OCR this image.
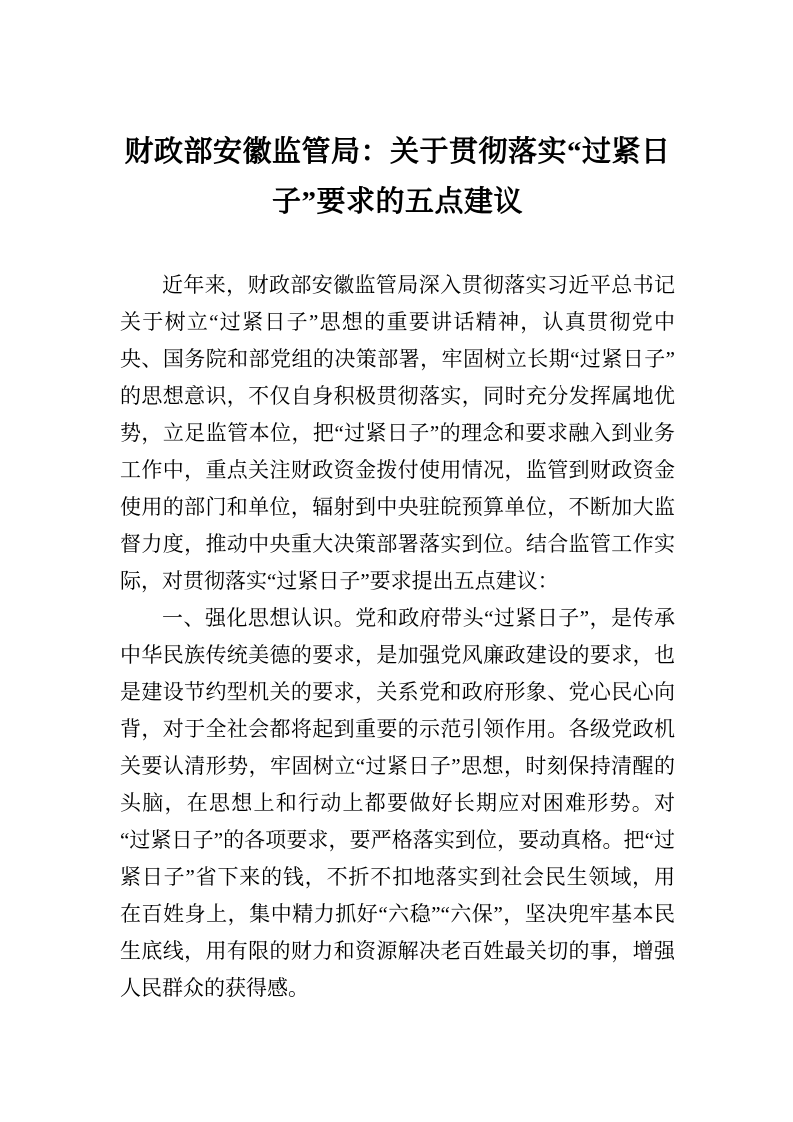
财政部安徽监管局：关于贯彻落实“过紧日子”要求的五点建议

近年来，财政部安徽监管局深入贯彻落实习近平总书记关于树立“过紧日子”思想的重要讲话精神，认真贯彻党中央、国务院和部党组的决策部署，牢固树立长期“过紧日子”的思想意识，不仅自身积极贯彻落实，同时充分发挥属地优势，立足监管本位，把“过紧日子”的理念和要求融入到业务工作中，重点关注财政资金拨付使用情况，监管到财政资金使用的部门和单位，辐射到中央驻皖预算单位，不断加大监督力度，推动中央重大决策部署落实到位。结合监管工作实际，对贯彻落实“过紧日子”要求提出五点建议：

一、强化思想认识。党和政府带头“过紧日子”，是传承中华民族传统美德的要求，是加强党风廉政建设的要求，也是建设节约型机关的要求，关系党和政府形象、党心民心向背，对于全社会都将起到重要的示范引领作用。各级党政机关要认清形势，牢固树立“过紧日子”思想，时刻保持清醒的头脑，在思想上和行动上都要做好长期应对困难形势。对“过紧日子”的各项要求，要严格落实到位，要动真格。把“过紧日子”省下来的钱，不折不扣地落实到社会民生领域，用在百姓身上，集中精力抓好“六稳”“六保”，坚决兜牢基本民生底线，用有限的财力和资源解决老百姓最关切的事，增强人民群众的获得感。
